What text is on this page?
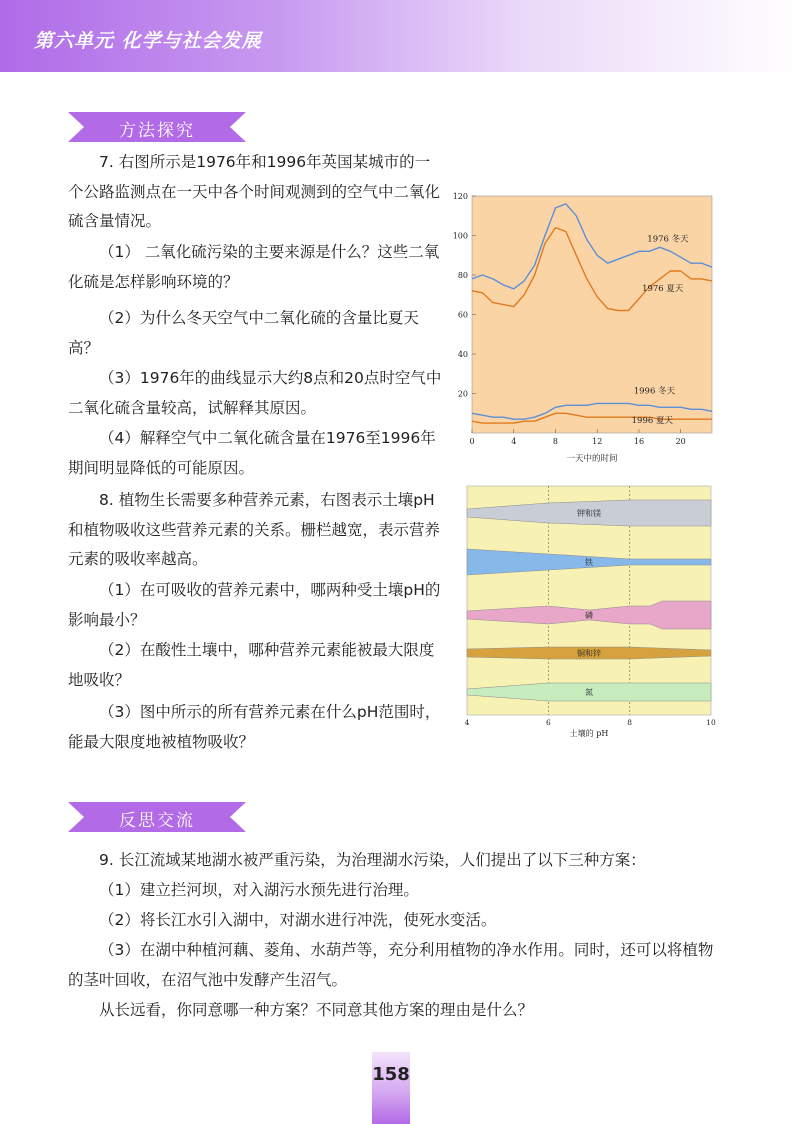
第六单元 化学与社会发展
方法探究

7. 右图所示是1976年和1996年英国某城市的一个公路监测点在一天中各个时间观测到的空气中二氧化硫含量情况。

（1） 二氧化硫污染的主要来源是什么？这些二氧化硫是怎样影响环境的？

（2）为什么冬天空气中二氧化硫的含量比夏天高？

（3）1976年的曲线显示大约8点和20点时空气中二氧化硫含量较高，试解释其原因。

（4）解释空气中二氧化硫含量在1976至1996年期间明显降低的可能原因。

8. 植物生长需要多种营养元素，右图表示土壤pH和植物吸收这些营养元素的关系。栅栏越宽，表示营养元素的吸收率越高。

（1）在可吸收的营养元素中，哪两种受土壤pH的影响最小？

（2）在酸性土壤中，哪种营养元素能被最大限度地吸收？

（3）图中所示的所有营养元素在什么pH范围时，能最大限度地被植物吸收？

20
40
60
80
100
120
0	4	8	12	16	20
1976 冬天
1976 夏天
1996 冬天
1996 夏天
一天中的时间
钾和镁
铁
磷
铜和锌
氮
4	6	8	10
土壤的 pH
反思交流

9. 长江流域某地湖水被严重污染，为治理湖水污染，人们提出了以下三种方案：

（1）建立拦河坝，对入湖污水预先进行治理。

（2）将长江水引入湖中，对湖水进行冲洗，使死水变活。

（3）在湖中种植河藕、菱角、水葫芦等，充分利用植物的净水作用。同时，还可以将植物的茎叶回收，在沼气池中发酵产生沼气。

从长远看，你同意哪一种方案？不同意其他方案的理由是什么？

158
